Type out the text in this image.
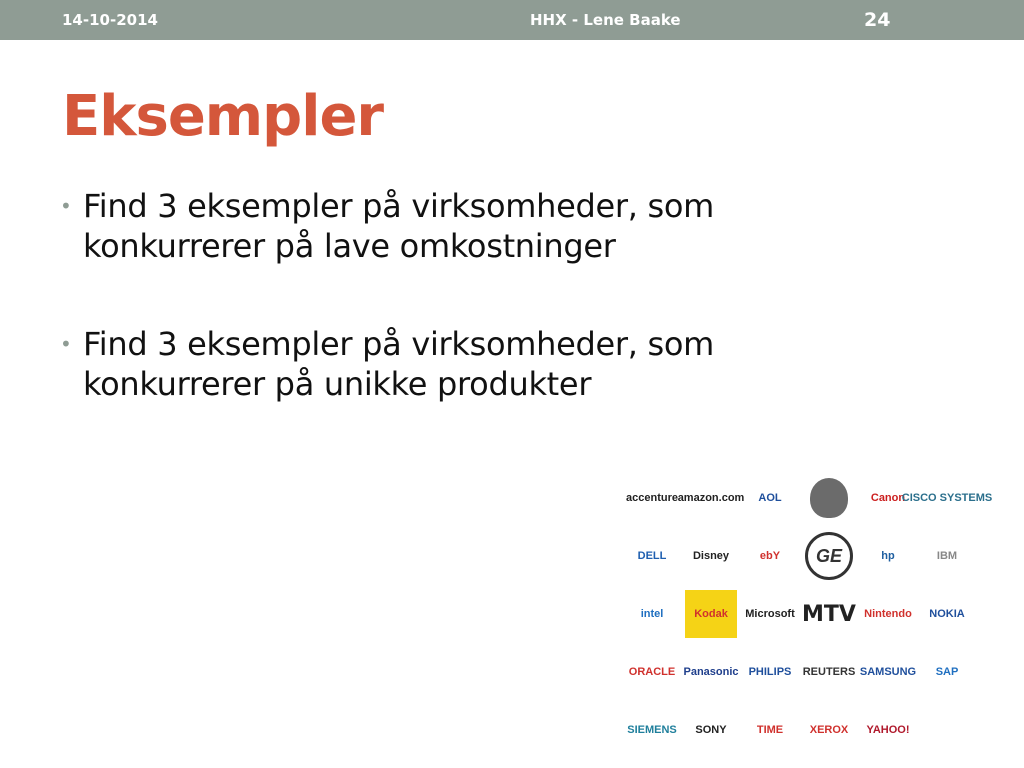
14-10-2014	HHX - Lene Baake	24
Eksempler
• Find 3 eksempler på virksomheder, som
konkurrerer på lave omkostninger
• Find 3 eksempler på virksomheder, som
konkurrerer på unikke produkter
accenture amazon.com	AOL	Canon
CISCO SYSTEMS
DELL	Disney	ebY	GE	hp	IBM
intel	Kodak	Microsoft MTV Nintendo	NOKIA
ORACLE Panasonic PHILIPS	REUTERS SAMSUNG	SAP
SIEMENS	SONY	TIME	XEROX	YAHOO!
